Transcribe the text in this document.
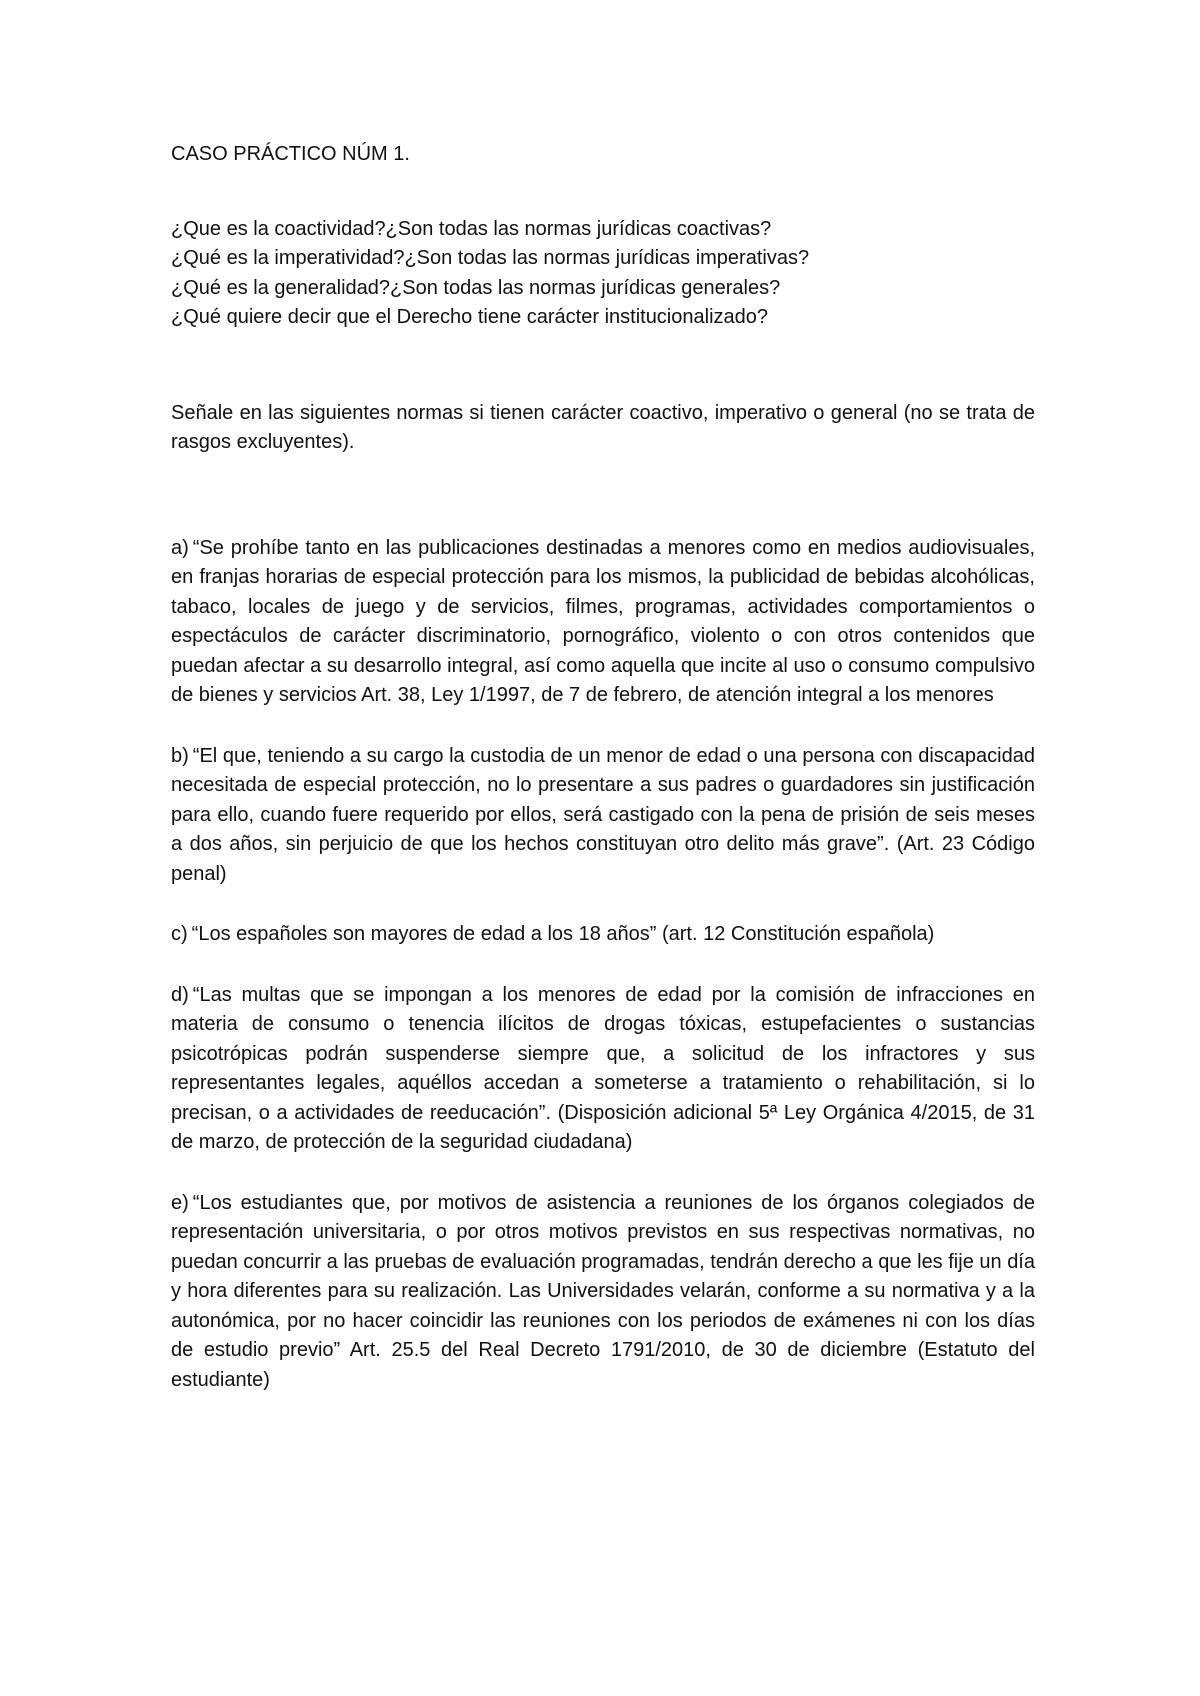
CASO PRÁCTICO NÚM 1.
¿Que es la coactividad?¿Son todas las normas jurídicas coactivas?
¿Qué es la imperatividad?¿Son todas las normas jurídicas imperativas?
¿Qué es la generalidad?¿Son todas las normas jurídicas generales?
¿Qué quiere decir que el Derecho tiene carácter institucionalizado?

Señale en las siguientes normas si tienen carácter coactivo, imperativo o general (no se trata de rasgos excluyentes).

a) “Se prohíbe tanto en las publicaciones destinadas a menores como en medios audiovisuales, en franjas horarias de especial protección para los mismos, la publicidad de bebidas alcohólicas, tabaco, locales de juego y de servicios, filmes, programas, actividades comportamientos o espectáculos de carácter discriminatorio, pornográfico, violento o con otros contenidos que puedan afectar a su desarrollo integral, así como aquella que incite al uso o consumo compulsivo de bienes y servicios Art. 38, Ley 1/1997, de 7 de febrero, de atención integral a los menores

b) “El que, teniendo a su cargo la custodia de un menor de edad o una persona con discapacidad necesitada de especial protección, no lo presentare a sus padres o guardadores sin justificación para ello, cuando fuere requerido por ellos, será castigado con la pena de prisión de seis meses a dos años, sin perjuicio de que los hechos constituyan otro delito más grave”. (Art. 23 Código penal)

c) “Los españoles son mayores de edad a los 18 años” (art. 12 Constitución española)

d) “Las multas que se impongan a los menores de edad por la comisión de infracciones en materia de consumo o tenencia ilícitos de drogas tóxicas, estupefacientes o sustancias psicotrópicas podrán suspenderse siempre que, a solicitud de los infractores y sus representantes legales, aquéllos accedan a someterse a tratamiento o rehabilitación, si lo precisan, o a actividades de reeducación”. (Disposición adicional 5ª Ley Orgánica 4/2015, de 31 de marzo, de protección de la seguridad ciudadana)

e) “Los estudiantes que, por motivos de asistencia a reuniones de los órganos colegiados de representación universitaria, o por otros motivos previstos en sus respectivas normativas, no puedan concurrir a las pruebas de evaluación programadas, tendrán derecho a que les fije un día y hora diferentes para su realización. Las Universidades velarán, conforme a su normativa y a la autonómica, por no hacer coincidir las reuniones con los periodos de exámenes ni con los días de estudio previo” Art. 25.5 del Real Decreto 1791/2010, de 30 de diciembre (Estatuto del estudiante)
